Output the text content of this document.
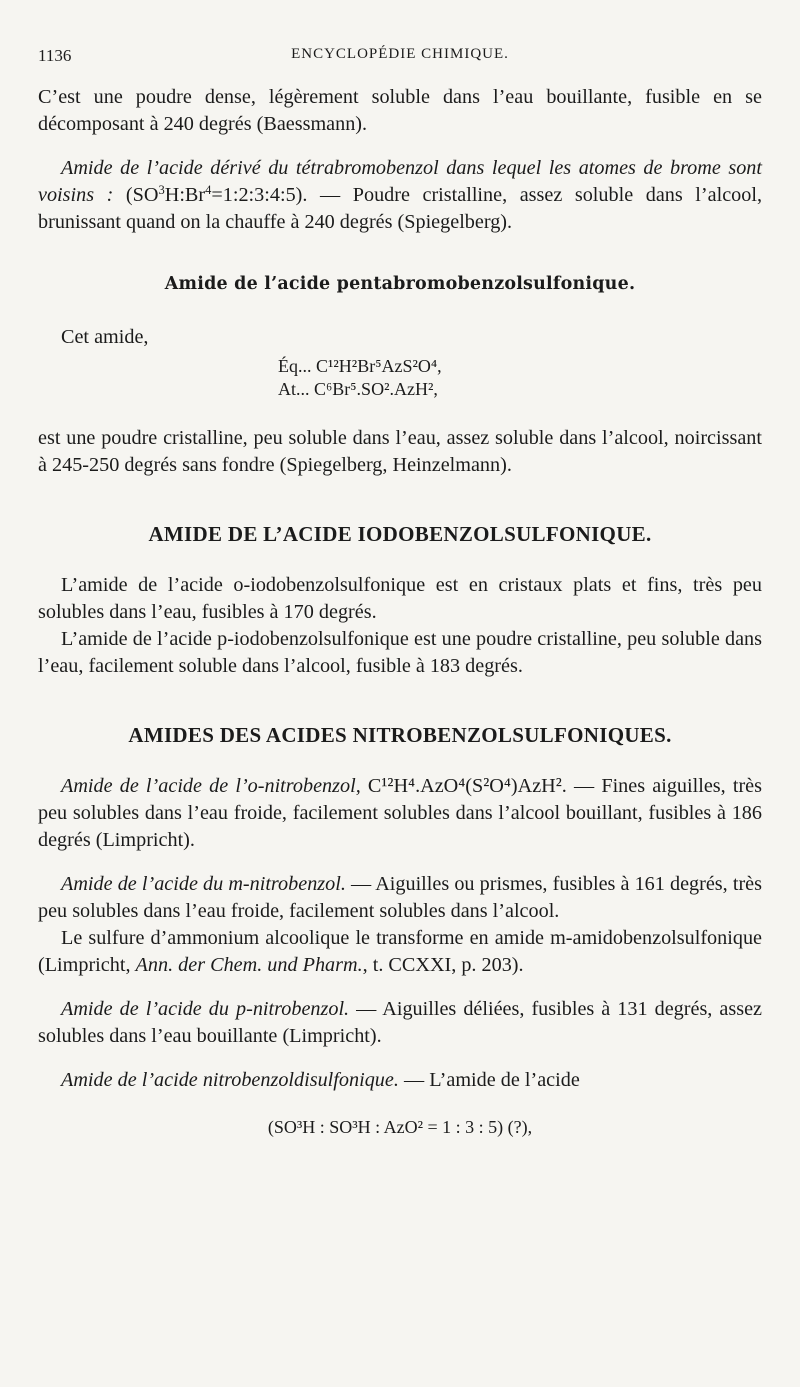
1136	ENCYCLOPÉDIE CHIMIQUE.

C’est une poudre dense, légèrement soluble dans l’eau bouillante, fusible en se décomposant à 240 degrés (Baessmann).

Amide de l’acide dérivé du tétrabromobenzol dans lequel les atomes de brome sont voisins : $(SO^3H:Br^4=1:2:3:4:5)$. — Poudre cristalline, assez soluble dans l’alcool, brunissant quand on la chauffe à 240 degrés (Spiegelberg).

Amide de l’acide pentabromobenzolsulfonique.

Cet amide,

Éq... C¹²H²Br⁵AzS²O⁴,
At... C⁶Br⁵.SO².AzH²,

est une poudre cristalline, peu soluble dans l’eau, assez soluble dans l’alcool, noircissant à 245-250 degrés sans fondre (Spiegelberg, Heinzelmann).

AMIDE DE L’ACIDE IODOBENZOLSULFONIQUE.

L’amide de l’acide o-iodobenzolsulfonique est en cristaux plats et fins, très peu solubles dans l’eau, fusibles à 170 degrés.

L’amide de l’acide p-iodobenzolsulfonique est une poudre cristalline, peu soluble dans l’eau, facilement soluble dans l’alcool, fusible à 183 degrés.

AMIDES DES ACIDES NITROBENZOLSULFONIQUES.

Amide de l’acide de l’o-nitrobenzol, C¹²H⁴.AzO⁴(S²O⁴)AzH². — Fines aiguilles, très peu solubles dans l’eau froide, facilement solubles dans l’alcool bouillant, fusibles à 186 degrés (Limpricht).

Amide de l’acide du m-nitrobenzol. — Aiguilles ou prismes, fusibles à 161 degrés, très peu solubles dans l’eau froide, facilement solubles dans l’alcool.

Le sulfure d’ammonium alcoolique le transforme en amide m-amidobenzolsulfonique (Limpricht, Ann. der Chem. und Pharm., t. CCXXI, p. 203).

Amide de l’acide du p-nitrobenzol. — Aiguilles déliées, fusibles à 131 degrés, assez solubles dans l’eau bouillante (Limpricht).

Amide de l’acide nitrobenzoldisulfonique. — L’amide de l’acide

(SO³H : SO³H : AzO² = 1 : 3 : 5) (?),
